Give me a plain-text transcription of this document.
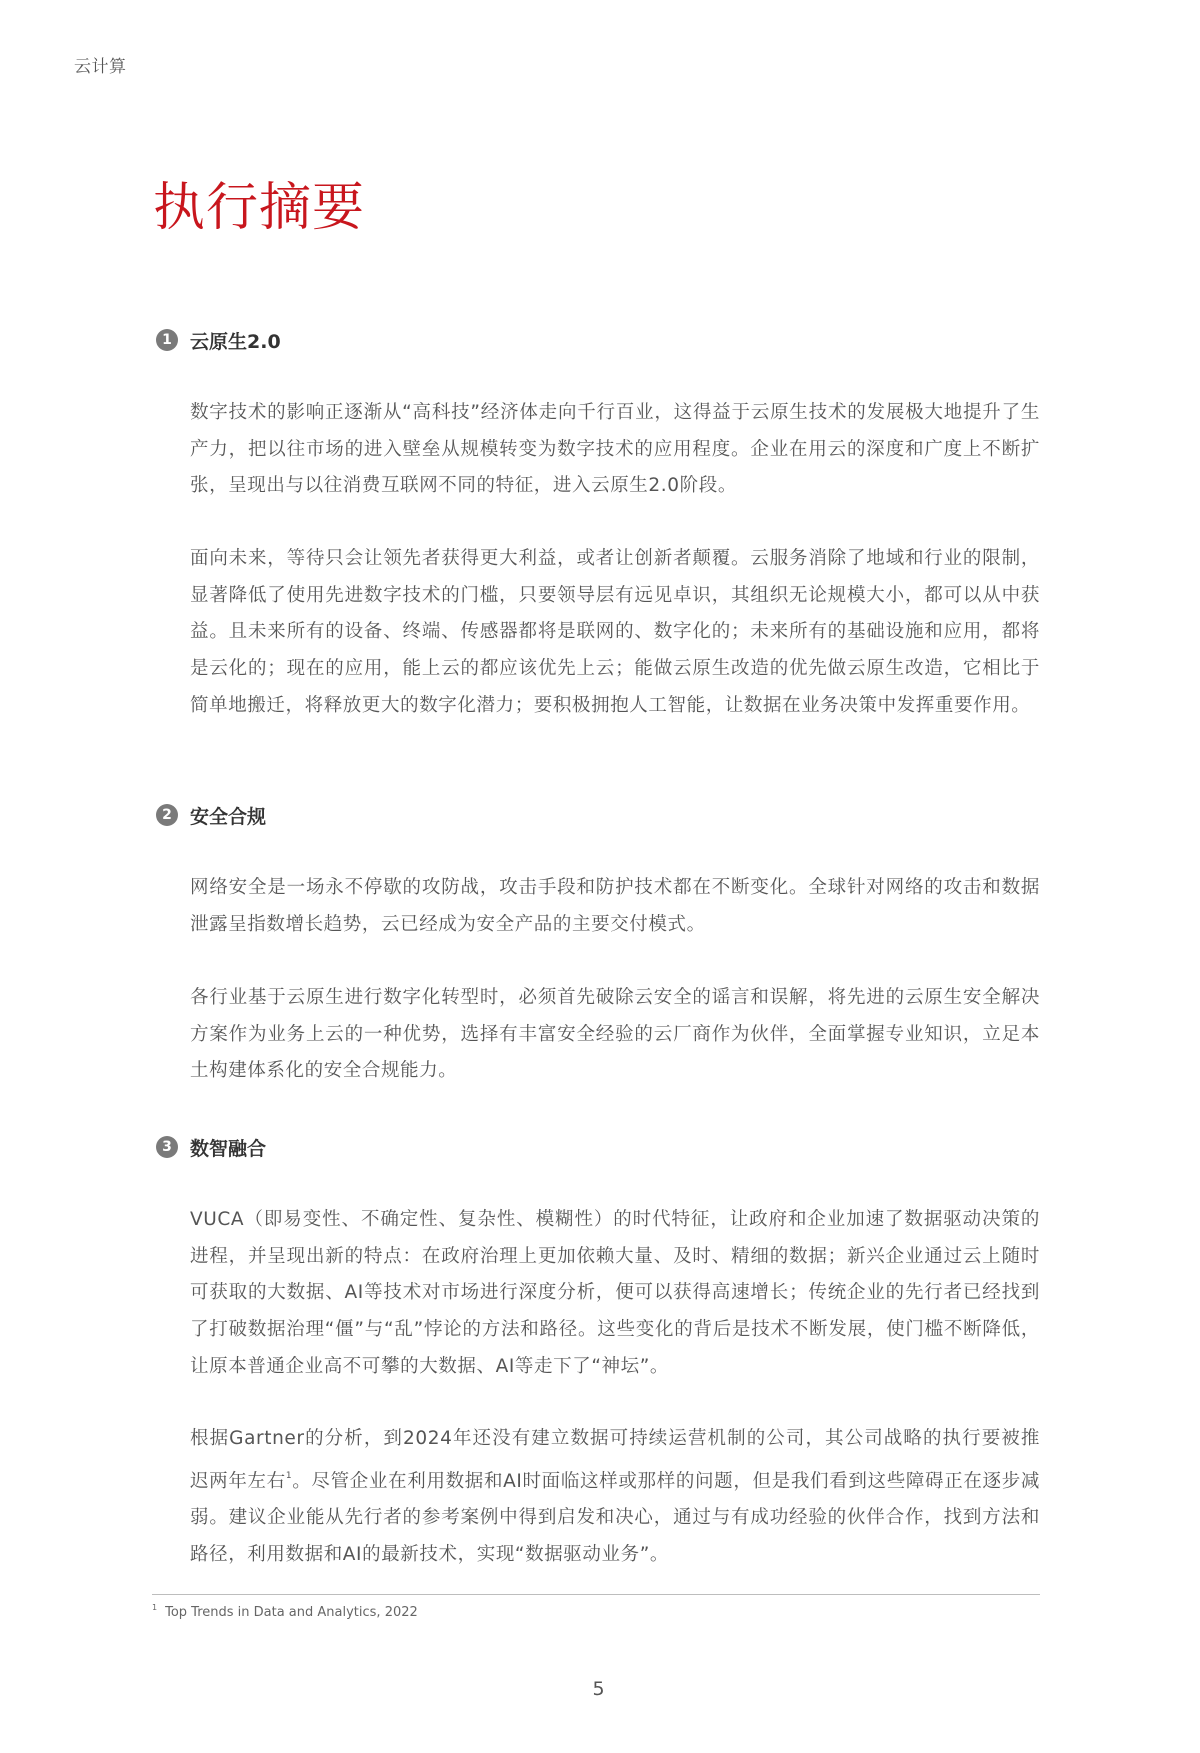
云计算
执行摘要
1 云原生2.0

数字技术的影响正逐渐从“高科技”经济体走向千行百业，这得益于云原生技术的发展极大地提升了生产力，把以往市场的进入壁垒从规模转变为数字技术的应用程度。企业在用云的深度和广度上不断扩张，呈现出与以往消费互联网不同的特征，进入云原生2.0阶段。

面向未来，等待只会让领先者获得更大利益，或者让创新者颠覆。云服务消除了地域和行业的限制，显著降低了使用先进数字技术的门槛，只要领导层有远见卓识，其组织无论规模大小，都可以从中获益。且未来所有的设备、终端、传感器都将是联网的、数字化的；未来所有的基础设施和应用，都将是云化的；现在的应用，能上云的都应该优先上云；能做云原生改造的优先做云原生改造，它相比于简单地搬迁，将释放更大的数字化潜力；要积极拥抱人工智能，让数据在业务决策中发挥重要作用。

2 安全合规

网络安全是一场永不停歇的攻防战，攻击手段和防护技术都在不断变化。全球针对网络的攻击和数据泄露呈指数增长趋势，云已经成为安全产品的主要交付模式。

各行业基于云原生进行数字化转型时，必须首先破除云安全的谣言和误解，将先进的云原生安全解决方案作为业务上云的一种优势，选择有丰富安全经验的云厂商作为伙伴，全面掌握专业知识，立足本土构建体系化的安全合规能力。

3 数智融合

VUCA（即易变性、不确定性、复杂性、模糊性）的时代特征，让政府和企业加速了数据驱动决策的进程，并呈现出新的特点：在政府治理上更加依赖大量、及时、精细的数据；新兴企业通过云上随时可获取的大数据、AI等技术对市场进行深度分析，便可以获得高速增长；传统企业的先行者已经找到了打破数据治理“僵”与“乱”悖论的方法和路径。这些变化的背后是技术不断发展，使门槛不断降低，让原本普通企业高不可攀的大数据、AI等走下了“神坛”。

根据Gartner的分析，到2024年还没有建立数据可持续运营机制的公司，其公司战略的执行要被推迟两年左右$^1$。尽管企业在利用数据和AI时面临这样或那样的问题，但是我们看到这些障碍正在逐步减弱。建议企业能从先行者的参考案例中得到启发和决心，通过与有成功经验的伙伴合作，找到方法和路径，利用数据和AI的最新技术，实现“数据驱动业务”。

$^1$ Top Trends in Data and Analytics, 2022
5
